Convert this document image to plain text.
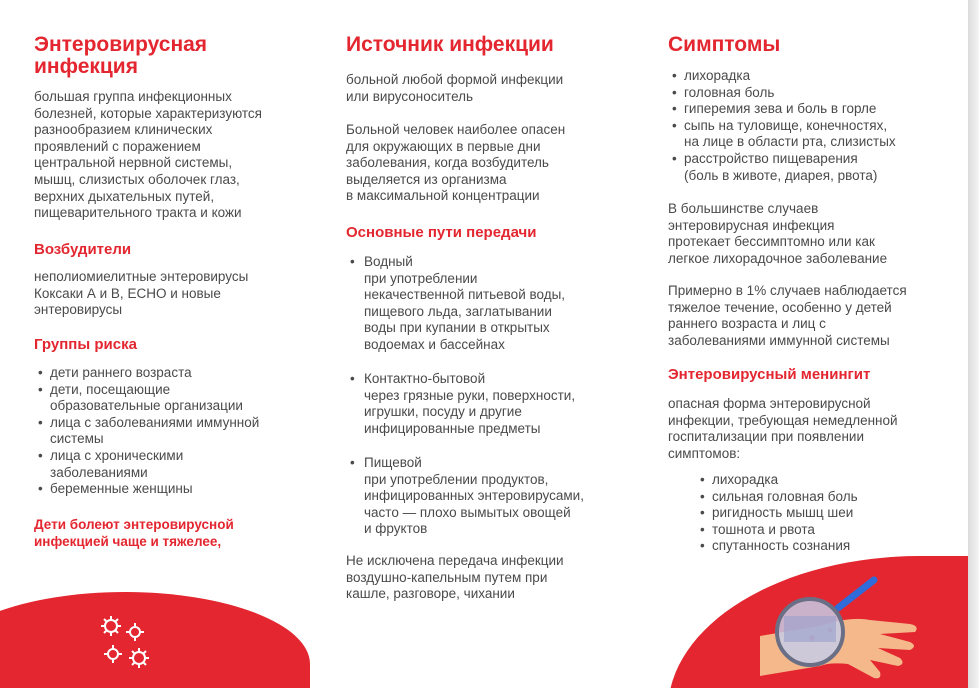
Энтеровирусная
инфекция

большая группа инфекционных
болезней, которые характеризуются
разнообразием клинических
проявлений с поражением
центральной нервной системы,
мышц, слизистых оболочек глаз,
верхних дыхательных путей,
пищеварительного тракта и кожи

Возбудители

неполиомиелитные энтеровирусы
Коксаки А и В, ЕСНО и новые
энтеровирусы

Группы риска
• дети раннего возраста
• дети, посещающие
образовательные организации
• лица с заболеваниями иммунной
системы
• лица с хроническими
заболеваниями
• беременные женщины
Дети болеют энтеровирусной
инфекцией чаще и тяжелее,
Источник инфекции

больной любой формой инфекции
или вирусоноситель

Больной человек наиболее опасен
для окружающих в первые дни
заболевания, когда возбудитель
выделяется из организма
в максимальной концентрации

Основные пути передачи
• Водный
при употреблении
некачественной питьевой воды,
пищевого льда, заглатывании
воды при купании в открытых
водоемах и бассейнах
• Контактно-бытовой
через грязные руки, поверхности,
игрушки, посуду и другие
инфицированные предметы
• Пищевой
при употреблении продуктов,
инфицированных энтеровирусами,
часто — плохо вымытых овощей
и фруктов

Не исключена передача инфекции
воздушно-капельным путем при
кашле, разговоре, чихании

Симптомы
• лихорадка
• головная боль
• гиперемия зева и боль в горле
• сыпь на туловище, конечностях,
на лице в области рта, слизистых
• расстройство пищеварения
(боль в животе, диарея, рвота)

В большинстве случаев
энтеровирусная инфекция
протекает бессимптомно или как
легкое лихорадочное заболевание

Примерно в 1% случаев наблюдается
тяжелое течение, особенно у детей
раннего возраста и лиц с
заболеваниями иммунной системы

Энтеровирусный менингит

опасная форма энтеровирусной
инфекции, требующая немедленной
госпитализации при появлении
симптомов:

• лихорадка
• сильная головная боль
• ригидность мышц шеи
• тошнота и рвота
• спутанность сознания
